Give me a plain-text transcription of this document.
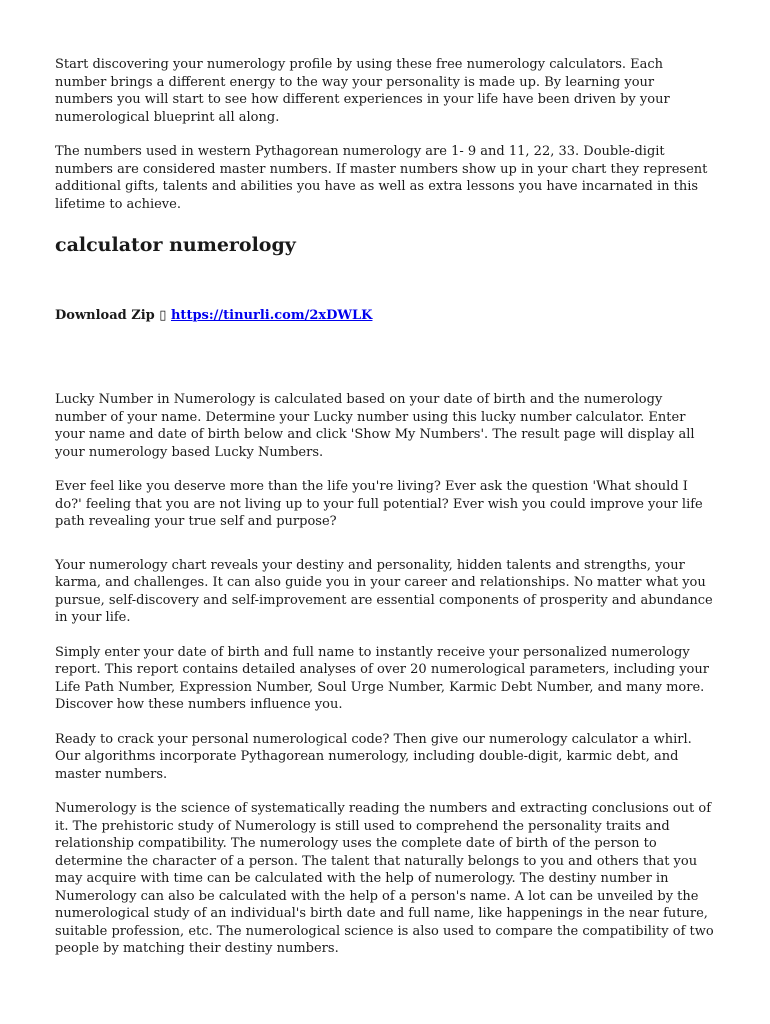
Start discovering your numerology profile by using these free numerology calculators. Each number brings a different energy to the way your personality is made up. By learning your numbers you will start to see how different experiences in your life have been driven by your numerological blueprint all along.

The numbers used in western Pythagorean numerology are 1- 9 and 11, 22, 33. Double-digit numbers are considered master numbers. If master numbers show up in your chart they represent additional gifts, talents and abilities you have as well as extra lessons you have incarnated in this lifetime to achieve.

calculator numerology
Download Zip ▯ https://tinurli.com/2xDWLK

Lucky Number in Numerology is calculated based on your date of birth and the numerology number of your name. Determine your Lucky number using this lucky number calculator. Enter your name and date of birth below and click 'Show My Numbers'. The result page will display all your numerology based Lucky Numbers.

Ever feel like you deserve more than the life you're living? Ever ask the question 'What should I do?' feeling that you are not living up to your full potential? Ever wish you could improve your life path revealing your true self and purpose?

Your numerology chart reveals your destiny and personality, hidden talents and strengths, your karma, and challenges. It can also guide you in your career and relationships. No matter what you pursue, self-discovery and self-improvement are essential components of prosperity and abundance in your life.

Simply enter your date of birth and full name to instantly receive your personalized numerology report. This report contains detailed analyses of over 20 numerological parameters, including your Life Path Number, Expression Number, Soul Urge Number, Karmic Debt Number, and many more. Discover how these numbers influence you.

Ready to crack your personal numerological code? Then give our numerology calculator a whirl. Our algorithms incorporate Pythagorean numerology, including double-digit, karmic debt, and master numbers.

Numerology is the science of systematically reading the numbers and extracting conclusions out of it. The prehistoric study of Numerology is still used to comprehend the personality traits and relationship compatibility. The numerology uses the complete date of birth of the person to determine the character of a person. The talent that naturally belongs to you and others that you may acquire with time can be calculated with the help of numerology. The destiny number in Numerology can also be calculated with the help of a person's name. A lot can be unveiled by the numerological study of an individual's birth date and full name, like happenings in the near future, suitable profession, etc. The numerological science is also used to compare the compatibility of two people by matching their destiny numbers.
